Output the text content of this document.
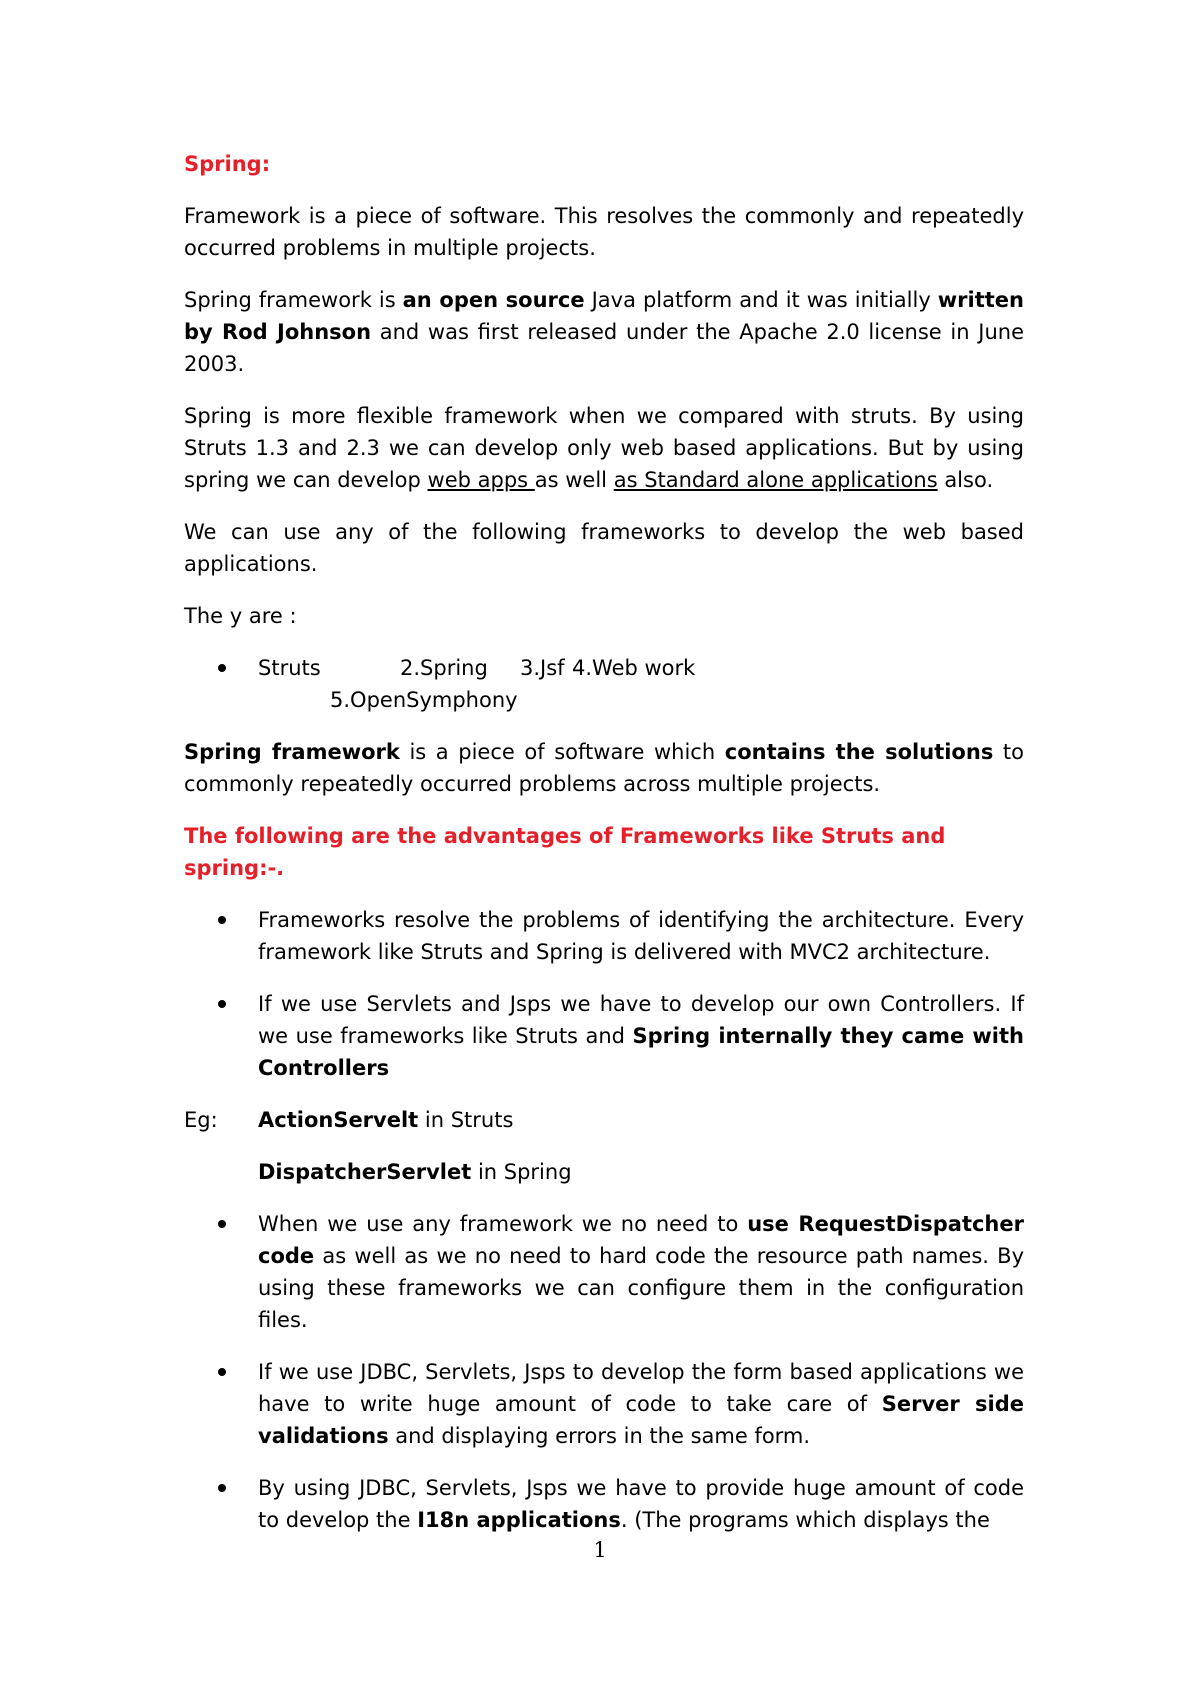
Spring:

Framework is a piece of software. This resolves the commonly and repeatedly occurred problems in multiple projects.

Spring framework is an open source Java platform and it was initially written by Rod Johnson and was first released under the Apache 2.0 license in June 2003.

Spring is more flexible framework when we compared with struts. By using Struts 1.3 and 2.3 we can develop only web based applications. But by using spring we can develop web apps as well as Standard alone applications also.

We can use any of the following frameworks to develop the web based applications.

The y are :

Struts	2.Spring 3.Jsf 4.Web work
5.OpenSymphony

Spring framework is a piece of software which contains the solutions to commonly repeatedly occurred problems across multiple projects.

The following are the advantages of Frameworks like Struts and spring:-.

Frameworks resolve the problems of identifying the architecture. Every framework like Struts and Spring is delivered with MVC2 architecture.
If we use Servlets and Jsps we have to develop our own Controllers. If we use frameworks like Struts and Spring internally they came with Controllers
Eg: ActionServelt in Struts
DispatcherServlet in Spring
When we use any framework we no need to use RequestDispatcher code as well as we no need to hard code the resource path names. By using these frameworks we can configure them in the configuration files.
If we use JDBC, Servlets, Jsps to develop the form based applications we have to write huge amount of code to take care of Server side validations and displaying errors in the same form.
By using JDBC, Servlets, Jsps we have to provide huge amount of code to develop the I18n applications. (The programs which displays the
1
